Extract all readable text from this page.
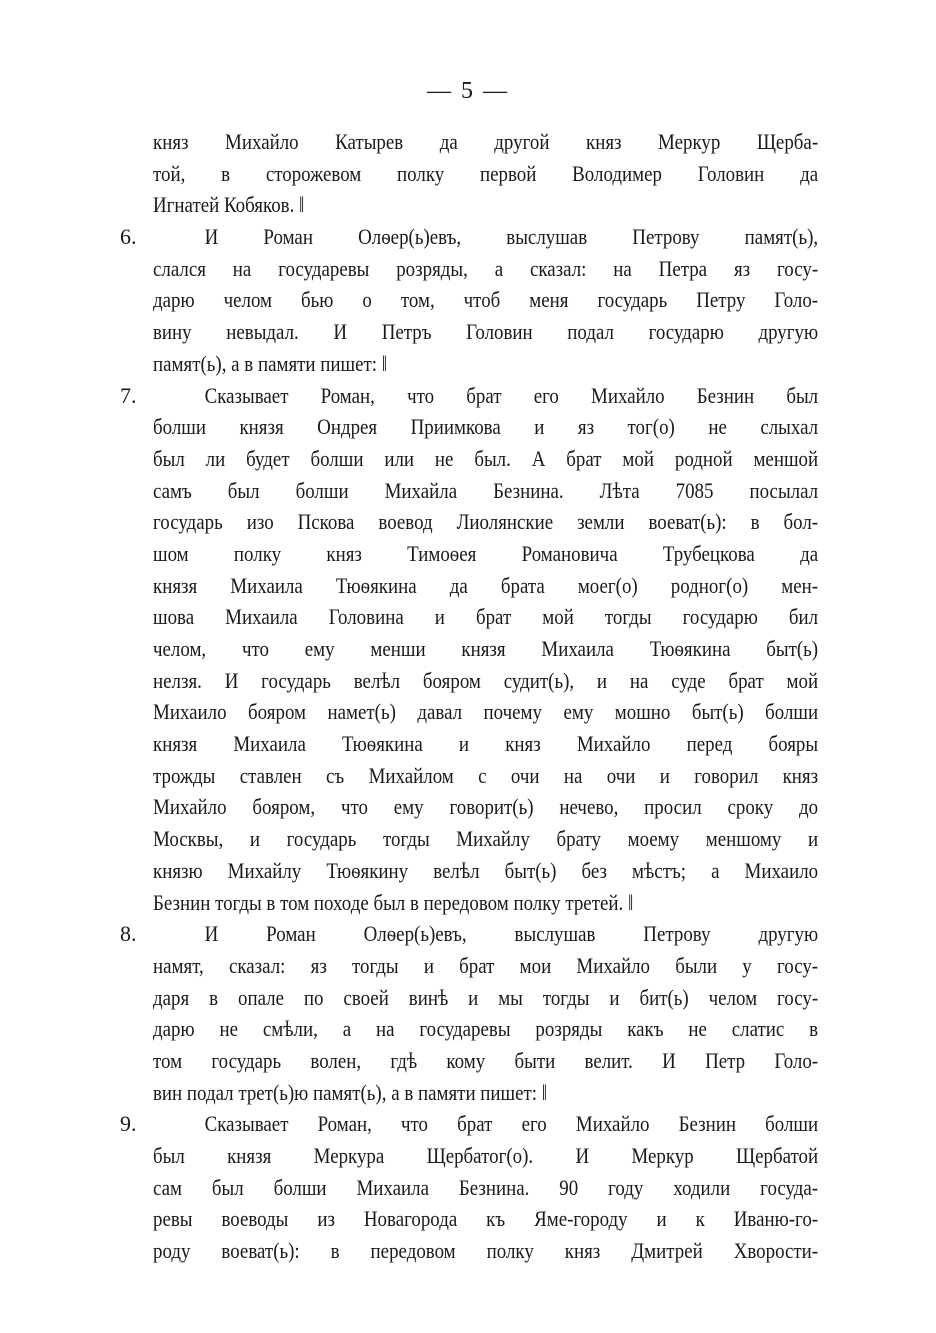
— 5 —
княз Михайло Катырев да другой княз Меркур Щерба-
той, в сторожевом полку первой Володимер Головин да
Игнатей Кобяков. ‖
6.	И Роман Олѳер(ь)евъ, выслушав Петрову памят(ь),
слался на государевы розряды, а сказал: на Петра яз госу-
дарю челом бью о том, чтоб меня государь Петру Голо-
вину невыдал. И Петръ Головин подал государю другую
памят(ь), а в памяти пишет: ‖
7.	Сказывает Роман, что брат его Михайло Безнин был
болши князя Ондрея Приимкова и яз тог(о) не слыхал
был ли будет болши или не был. А брат мой родной меншой
самъ был болши Михайла Безнина. Лѣта 7085 посылал
государь изо Пскова воевод Лиолянские земли воеват(ь): в бол-
шом полку княз Тимоѳея Романовича Трубецкова да
князя Михаила Тюѳякина да брата моег(о) родног(о) мен-
шова Михаила Головина и брат мой тогды государю бил
челом, что ему менши князя Михаила Тюѳякина быт(ь)
нелзя. И государь велѣл бояром судит(ь), и на суде брат мой
Михаило бояром намет(ь) давал почему ему мошно быт(ь) болши
князя Михаила Тюѳякина и княз Михайло перед бояры
трожды ставлен съ Михайлом с очи на очи и говорил княз
Михайло бояром, что ему говорит(ь) нечево, просил сроку до
Москвы, и государь тогды Михайлу брату моему меншому и
князю Михайлу Тюѳякину велѣл быт(ь) без мѣстъ; а Михаило
Безнин тогды в том походе был в передовом полку третей. ‖
8.	И Роман Олѳер(ь)евъ, выслушав Петрову другую
намят, сказал: яз тогды и брат мои Михайло были у госу-
даря в опале по своей винѣ и мы тогды и бит(ь) челом госу-
дарю не смѣли, а на государевы розряды какъ не слатис в
том государь волен, гдѣ кому быти велит. И Петр Голо-
вин подал трет(ь)ю памят(ь), а в памяти пишет: ‖
9.	Сказывает Роман, что брат его Михайло Безнин болши
был князя Меркура Щербатог(о). И Меркур Щербатой
сам был болши Михаила Безнина. 90 году ходили госуда-
ревы воеводы из Новагорода къ Яме-городу и к Иваню-го-
роду воеват(ь): в передовом полку княз Дмитрей Хворости-
